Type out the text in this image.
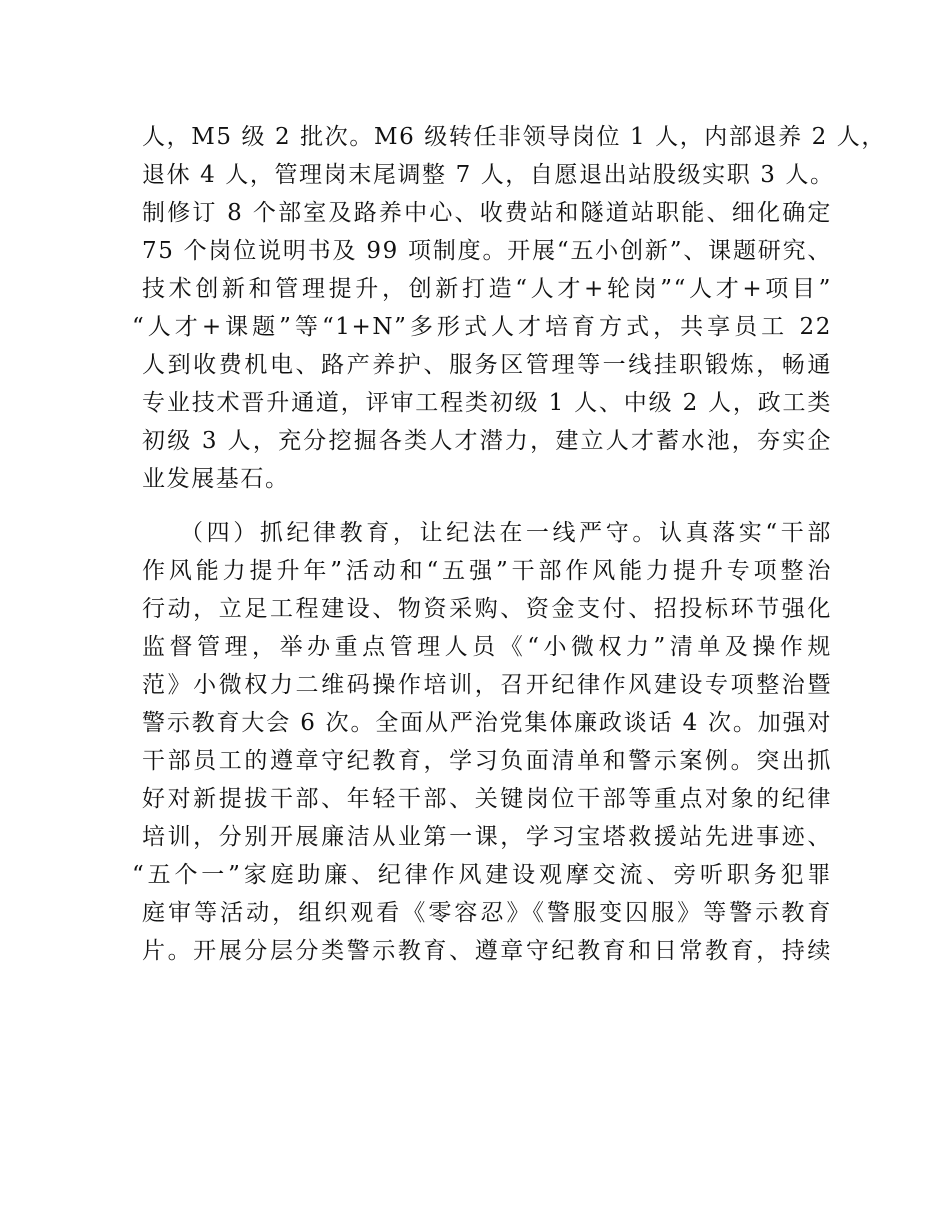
人，M5 级 2 批次。M6 级转任非领导岗位 1 人，内部退养 2 人，
退休 4 人，管理岗末尾调整 7 人，自愿退出站股级实职 3 人。
制修订 8 个部室及路养中心、收费站和隧道站职能、细化确定
75 个岗位说明书及 99 项制度。开展“五小创新”、课题研究、
技术创新和管理提升，创新打造“人才+轮岗”“人才+项目”
“人才+课题”等“1+N”多形式人才培育方式，共享员工 22
人到收费机电、路产养护、服务区管理等一线挂职锻炼，畅通
专业技术晋升通道，评审工程类初级 1 人、中级 2 人，政工类
初级 3 人，充分挖掘各类人才潜力，建立人才蓄水池，夯实企
业发展基石。
（四）抓纪律教育，让纪法在一线严守。认真落实“干部
作风能力提升年”活动和“五强”干部作风能力提升专项整治
行动，立足工程建设、物资采购、资金支付、招投标环节强化
监督管理，举办重点管理人员《“小微权力”清单及操作规
范》小微权力二维码操作培训，召开纪律作风建设专项整治暨
警示教育大会 6 次。全面从严治党集体廉政谈话 4 次。加强对
干部员工的遵章守纪教育，学习负面清单和警示案例。突出抓
好对新提拔干部、年轻干部、关键岗位干部等重点对象的纪律
培训，分别开展廉洁从业第一课，学习宝塔救援站先进事迹、
“五个一”家庭助廉、纪律作风建设观摩交流、旁听职务犯罪
庭审等活动，组织观看《零容忍》《警服变囚服》等警示教育
片。开展分层分类警示教育、遵章守纪教育和日常教育，持续
